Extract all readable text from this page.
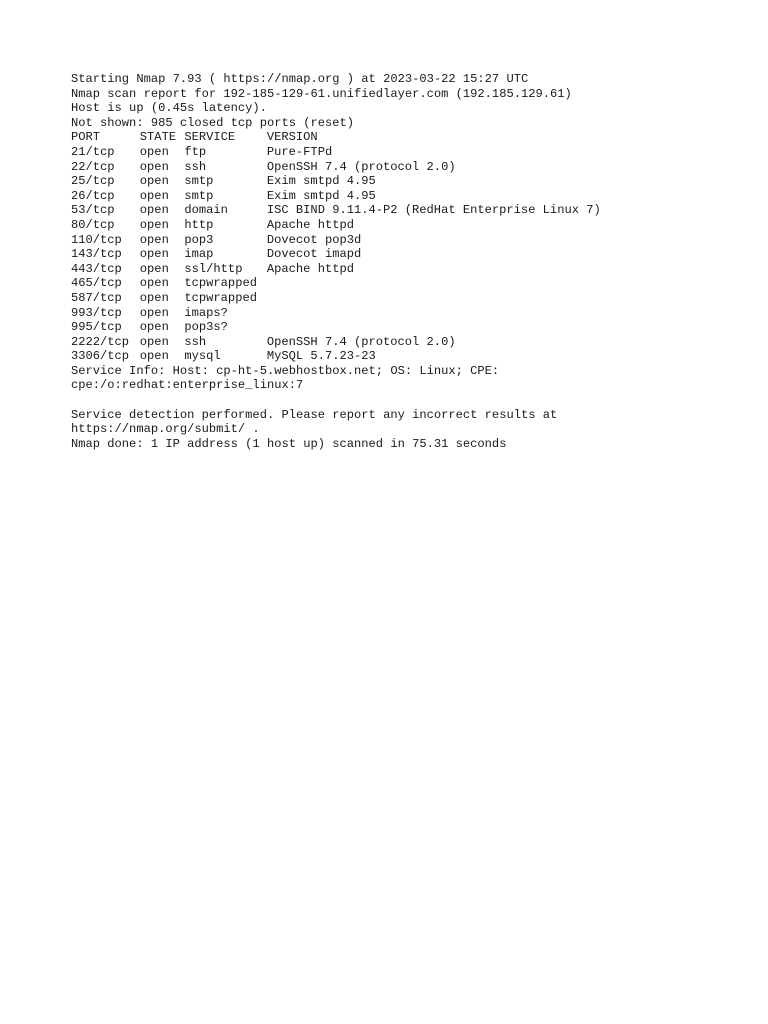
Starting Nmap 7.93 ( https://nmap.org ) at 2023-03-22 15:27 UTC
Nmap scan report for 192-185-129-61.unifiedlayer.com (192.185.129.61)
Host is up (0.45s latency).
Not shown: 985 closed tcp ports (reset)
PORT	STATE SERVICE	VERSION
21/tcp	open	ftp	Pure-FTPd
22/tcp	open	ssh	OpenSSH 7.4 (protocol 2.0)
25/tcp	open	smtp	Exim smtpd 4.95
26/tcp	open	smtp	Exim smtpd 4.95
53/tcp	open	domain	ISC BIND 9.11.4-P2 (RedHat Enterprise Linux 7)
80/tcp	open	http	Apache httpd
110/tcp	open	pop3	Dovecot pop3d
143/tcp	open	imap	Dovecot imapd
443/tcp	open	ssl/http	Apache httpd
465/tcp	open	tcpwrapped
587/tcp	open	tcpwrapped
993/tcp	open	imaps?
995/tcp	open	pop3s?
2222/tcp open	ssh	OpenSSH 7.4 (protocol 2.0)
3306/tcp open	mysql	MySQL 5.7.23-23
Service Info: Host: cp-ht-5.webhostbox.net; OS: Linux; CPE:
cpe:/o:redhat:enterprise_linux:7
Service detection performed. Please report any incorrect results at
https://nmap.org/submit/ .
Nmap done: 1 IP address (1 host up) scanned in 75.31 seconds
